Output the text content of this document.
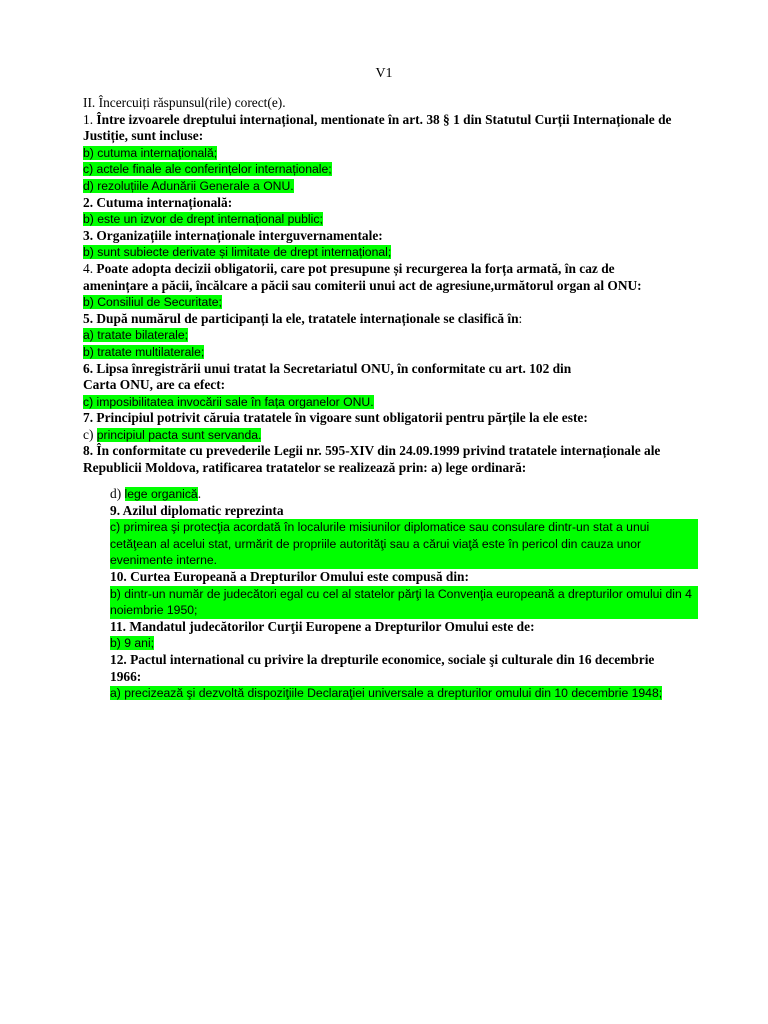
V1
II. Încercuiți răspunsul(rile) corect(e).
1. Între izvoarele dreptului internațional, mentionate în art. 38 § 1 din Statutul Curții Internaționale de Justiție, sunt incluse:
b) cutuma internațională;
c) actele finale ale conferințelor internaționale;
d) rezoluțiile Adunării Generale a ONU.
2. Cutuma internațională:
b) este un izvor de drept internațional public;
3. Organizațiile internaționale interguvernamentale:
b) sunt subiecte derivate și limitate de drept internațional;
4. Poate adopta decizii obligatorii, care pot presupune și recurgerea la forța armată, în caz de
amenințare a păcii, încălcare a păcii sau comiterii unui act de agresiune,următorul organ al ONU:
b) Consiliul de Securitate;
5. După numărul de participanți la ele, tratatele internaționale se clasifică în:
a) tratate bilaterale;
b) tratate multilaterale;
6. Lipsa înregistrării unui tratat la Secretariatul ONU, în conformitate cu art. 102 din
Carta ONU, are ca efect:
c) imposibilitatea invocării sale în fața organelor ONU.
7. Principiul potrivit căruia tratatele în vigoare sunt obligatorii pentru părțile la ele este:
c) principiul pacta sunt servanda.
8. În conformitate cu prevederile Legii nr. 595-XIV din 24.09.1999 privind tratatele internaționale ale
Republicii Moldova, ratificarea tratatelor se realizează prin: a) lege ordinară:
d) lege organică.
9. Azilul diplomatic reprezinta
c) primirea şi protecţia acordată în localurile misiunilor diplomatice sau consulare dintr-un stat a unui cetăţean al acelui stat, urmărit de propriile autorităţi sau a cărui viaţă este în pericol din cauza unor evenimente interne.
10. Curtea Europeană a Drepturilor Omului este compusă din:
b) dintr-un număr de judecători egal cu cel al statelor părţi la Convenţia europeană a drepturilor omului din 4 noiembrie 1950;
11. Mandatul judecătorilor Curţii Europene a Drepturilor Omului este de:
b) 9 ani;
12. Pactul international cu privire la drepturile economice, sociale şi culturale din 16 decembrie
1966:
a) precizează şi dezvoltă dispoziţiile Declaraţiei universale a drepturilor omului din 10 decembrie 1948;
